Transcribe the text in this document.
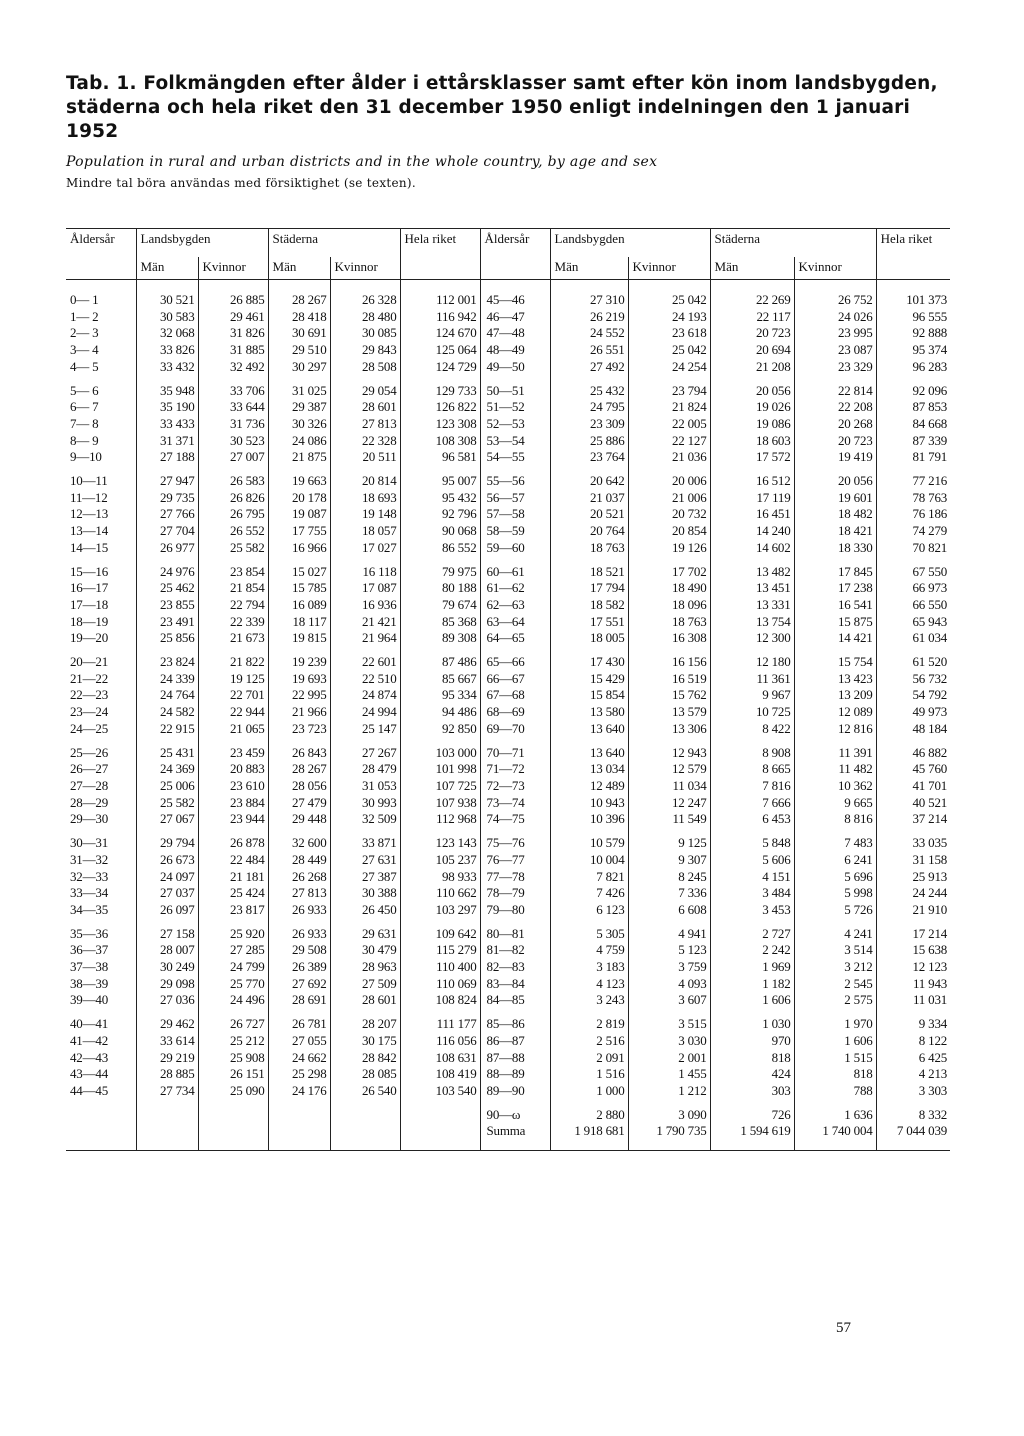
Tab. 1. Folkmängden efter ålder i ettårsklasser samt efter kön inom landsbygden, städerna och hela riket den 31 december 1950 enligt indelningen den 1 januari 1952

Population in rural and urban districts and in the whole country, by age and sex

Mindre tal böra användas med försiktighet (se texten).

Åldersår	Landsbygden		Städerna		Hela riket	Åldersår	Landsbygden		Städerna		Hela riket
	Män	Kvinnor	Män	Kvinnor			Män	Kvinnor	Män	Kvinnor	
0— 1	30 521	26 885	28 267	26 328	112 001	45—46	27 310	25 042	22 269	26 752	101 373
1— 2	30 583	29 461	28 418	28 480	116 942	46—47	26 219	24 193	22 117	24 026	96 555
2— 3	32 068	31 826	30 691	30 085	124 670	47—48	24 552	23 618	20 723	23 995	92 888
3— 4	33 826	31 885	29 510	29 843	125 064	48—49	26 551	25 042	20 694	23 087	95 374
4— 5	33 432	32 492	30 297	28 508	124 729	49—50	27 492	24 254	21 208	23 329	96 283

5— 6	35 948	33 706	31 025	29 054	129 733	50—51	25 432	23 794	20 056	22 814	92 096
6— 7	35 190	33 644	29 387	28 601	126 822	51—52	24 795	21 824	19 026	22 208	87 853
7— 8	33 433	31 736	30 326	27 813	123 308	52—53	23 309	22 005	19 086	20 268	84 668
8— 9	31 371	30 523	24 086	22 328	108 308	53—54	25 886	22 127	18 603	20 723	87 339
9—10	27 188	27 007	21 875	20 511	96 581	54—55	23 764	21 036	17 572	19 419	81 791

10—11	27 947	26 583	19 663	20 814	95 007	55—56	20 642	20 006	16 512	20 056	77 216
11—12	29 735	26 826	20 178	18 693	95 432	56—57	21 037	21 006	17 119	19 601	78 763
12—13	27 766	26 795	19 087	19 148	92 796	57—58	20 521	20 732	16 451	18 482	76 186
13—14	27 704	26 552	17 755	18 057	90 068	58—59	20 764	20 854	14 240	18 421	74 279
14—15	26 977	25 582	16 966	17 027	86 552	59—60	18 763	19 126	14 602	18 330	70 821

15—16	24 976	23 854	15 027	16 118	79 975	60—61	18 521	17 702	13 482	17 845	67 550
16—17	25 462	21 854	15 785	17 087	80 188	61—62	17 794	18 490	13 451	17 238	66 973
17—18	23 855	22 794	16 089	16 936	79 674	62—63	18 582	18 096	13 331	16 541	66 550
18—19	23 491	22 339	18 117	21 421	85 368	63—64	17 551	18 763	13 754	15 875	65 943
19—20	25 856	21 673	19 815	21 964	89 308	64—65	18 005	16 308	12 300	14 421	61 034

20—21	23 824	21 822	19 239	22 601	87 486	65—66	17 430	16 156	12 180	15 754	61 520
21—22	24 339	19 125	19 693	22 510	85 667	66—67	15 429	16 519	11 361	13 423	56 732
22—23	24 764	22 701	22 995	24 874	95 334	67—68	15 854	15 762	9 967	13 209	54 792
23—24	24 582	22 944	21 966	24 994	94 486	68—69	13 580	13 579	10 725	12 089	49 973
24—25	22 915	21 065	23 723	25 147	92 850	69—70	13 640	13 306	8 422	12 816	48 184

25—26	25 431	23 459	26 843	27 267	103 000	70—71	13 640	12 943	8 908	11 391	46 882
26—27	24 369	20 883	28 267	28 479	101 998	71—72	13 034	12 579	8 665	11 482	45 760
27—28	25 006	23 610	28 056	31 053	107 725	72—73	12 489	11 034	7 816	10 362	41 701
28—29	25 582	23 884	27 479	30 993	107 938	73—74	10 943	12 247	7 666	9 665	40 521
29—30	27 067	23 944	29 448	32 509	112 968	74—75	10 396	11 549	6 453	8 816	37 214

30—31	29 794	26 878	32 600	33 871	123 143	75—76	10 579	9 125	5 848	7 483	33 035
31—32	26 673	22 484	28 449	27 631	105 237	76—77	10 004	9 307	5 606	6 241	31 158
32—33	24 097	21 181	26 268	27 387	98 933	77—78	7 821	8 245	4 151	5 696	25 913
33—34	27 037	25 424	27 813	30 388	110 662	78—79	7 426	7 336	3 484	5 998	24 244
34—35	26 097	23 817	26 933	26 450	103 297	79—80	6 123	6 608	3 453	5 726	21 910

35—36	27 158	25 920	26 933	29 631	109 642	80—81	5 305	4 941	2 727	4 241	17 214
36—37	28 007	27 285	29 508	30 479	115 279	81—82	4 759	5 123	2 242	3 514	15 638
37—38	30 249	24 799	26 389	28 963	110 400	82—83	3 183	3 759	1 969	3 212	12 123
38—39	29 098	25 770	27 692	27 509	110 069	83—84	4 123	4 093	1 182	2 545	11 943
39—40	27 036	24 496	28 691	28 601	108 824	84—85	3 243	3 607	1 606	2 575	11 031

40—41	29 462	26 727	26 781	28 207	111 177	85—86	2 819	3 515	1 030	1 970	9 334
41—42	33 614	25 212	27 055	30 175	116 056	86—87	2 516	3 030	970	1 606	8 122
42—43	29 219	25 908	24 662	28 842	108 631	87—88	2 091	2 001	818	1 515	6 425
43—44	28 885	26 151	25 298	28 085	108 419	88—89	1 516	1 455	424	818	4 213
44—45	27 734	25 090	24 176	26 540	103 540	89—90	1 000	1 212	303	788	3 303

						90—ω	2 880	3 090	726	1 636	8 332
						Summa	1 918 681	1 790 735	1 594 619	1 740 004	7 044 039
57
